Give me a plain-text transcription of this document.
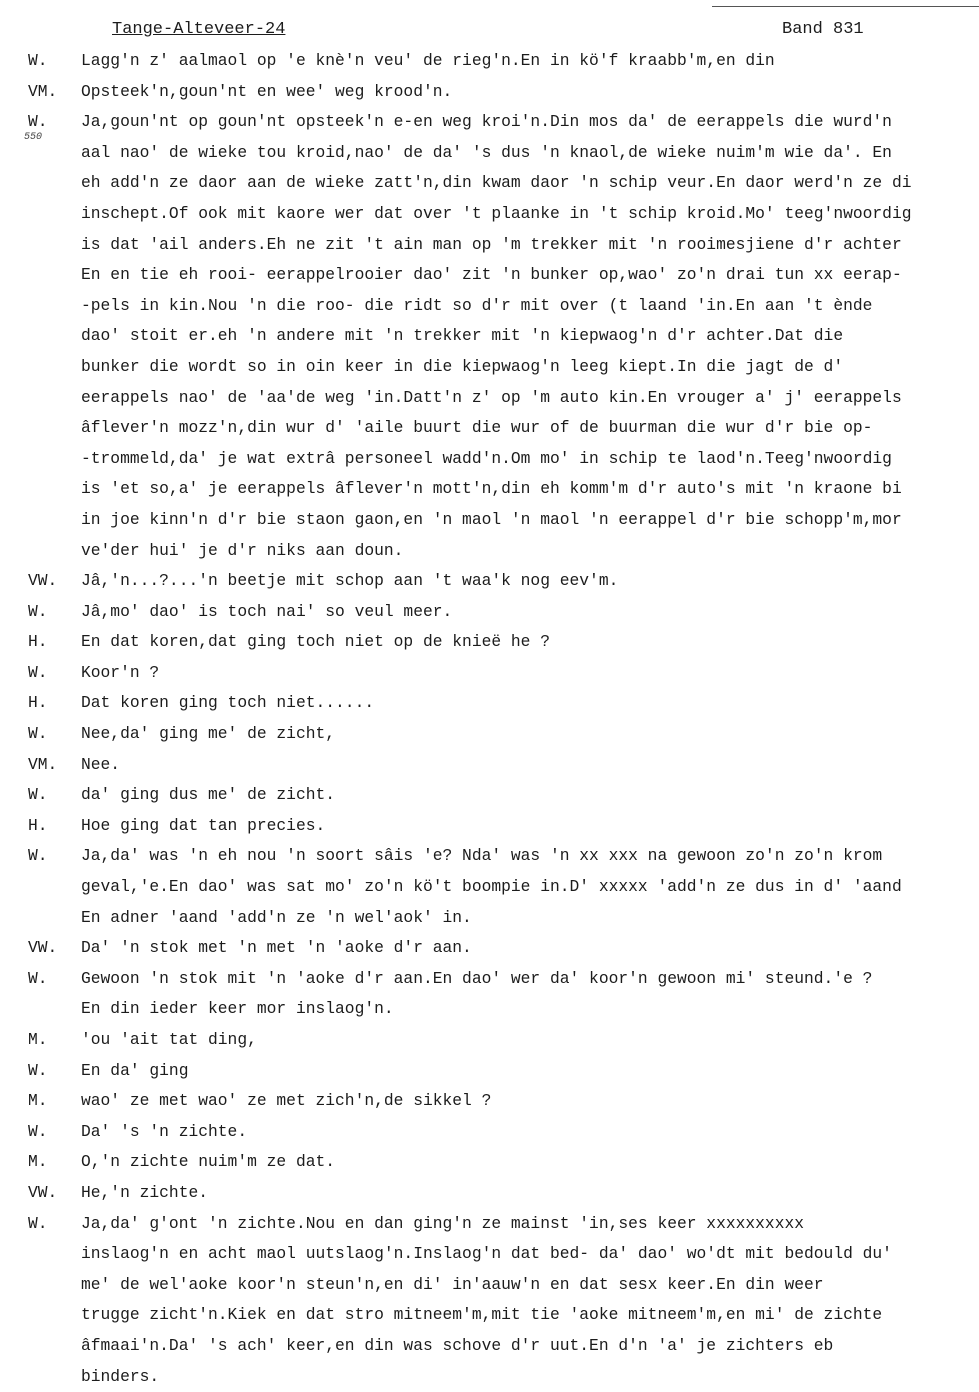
Tange-Alteveer-24	Band 831
550
W. Lagg'n z' aalmaol op 'e knè'n veu' de rieg'n.En in kö'f kraabb'm,en din
VM. Opsteek'n,goun'nt en wee' weg krood'n.
W. Ja,goun'nt op goun'nt opsteek'n e-en weg kroi'n.Din mos da' de eerappels die wurd'n
aal nao' de wieke tou kroid,nao' de da' 's dus 'n knaol,de wieke nuim'm wie da'. En
eh add'n ze daor aan de wieke zatt'n,din kwam daor 'n schip veur.En daor werd'n ze di
inschept.Of ook mit kaore wer dat over 't plaanke in 't schip kroid.Mo' teeg'nwoordig
is dat 'ail anders.Eh ne zit 't ain man op 'm trekker mit 'n rooimesjiene d'r achter
En en tie eh rooi- eerappelrooier dao' zit 'n bunker op,wao' zo'n drai tun xx eerap-
-pels in kin.Nou 'n die roo- die ridt so d'r mit over (t laand 'in.En aan 't ènde
dao' stoit er.eh 'n andere mit 'n trekker mit 'n kiepwaog'n d'r achter.Dat die
bunker die wordt so in oin keer in die kiepwaog'n leeg kiept.In die jagt de d'
eerappels nao' de 'aa'de weg 'in.Datt'n z' op 'm auto kin.En vrouger a' j' eerappels
âflever'n mozz'n,din wur d' 'aile buurt die wur of de buurman die wur d'r bie op-
-trommeld,da' je wat extrâ personeel wadd'n.Om mo' in schip te laod'n.Teeg'nwoordig
is 'et so,a' je eerappels âflever'n mott'n,din eh komm'm d'r auto's mit 'n kraone bi
in joe kinn'n d'r bie staon gaon,en 'n maol 'n maol 'n eerappel d'r bie schopp'm,mor
ve'der hui' je d'r niks aan doun.
VW. Jâ,'n...?...'n beetje mit schop aan 't waa'k nog eev'm.
W. Jâ,mo' dao' is toch nai' so veul meer.
H. En dat koren,dat ging toch niet op de knieë he ?
W. Koor'n ?
H. Dat koren ging toch niet......
W. Nee,da' ging me' de zicht,
VM. Nee.
W. da' ging dus me' de zicht.
H. Hoe ging dat tan precies.
W. Ja,da' was 'n eh nou 'n soort sâis 'e? Nda' was 'n xx xxx na gewoon zo'n zo'n krom
geval,'e.En dao' was sat mo' zo'n kö't boompie in.D' xxxxx 'add'n ze dus in d' 'aand
En adner 'aand 'add'n ze 'n wel'aok' in.
VW. Da' 'n stok met 'n met 'n 'aoke d'r aan.
W. Gewoon 'n stok mit 'n 'aoke d'r aan.En dao' wer da' koor'n gewoon mi' steund.'e ?
En din ieder keer mor inslaog'n.
M. 'ou 'ait tat ding,
W. En da' ging
M. wao' ze met wao' ze met zich'n,de sikkel ?
W. Da' 's 'n zichte.
M. O,'n zichte nuim'm ze dat.
VW. He,'n zichte.
W. Ja,da' g'ont 'n zichte.Nou en dan ging'n ze mainst 'in,ses keer xxxxxxxxxx
inslaog'n en acht maol uutslaog'n.Inslaog'n dat bed- da' dao' wo'dt mit bedould du'
me' de wel'aoke koor'n steun'n,en di' in'aauw'n en dat sesx keer.En din weer
trugge zicht'n.Kiek en dat stro mitneem'm,mit tie 'aoke mitneem'm,en mi' de zichte
âfmaai'n.Da' 's ach' keer,en din was schove d'r uut.En d'n 'a' je zichters eb
binders.
